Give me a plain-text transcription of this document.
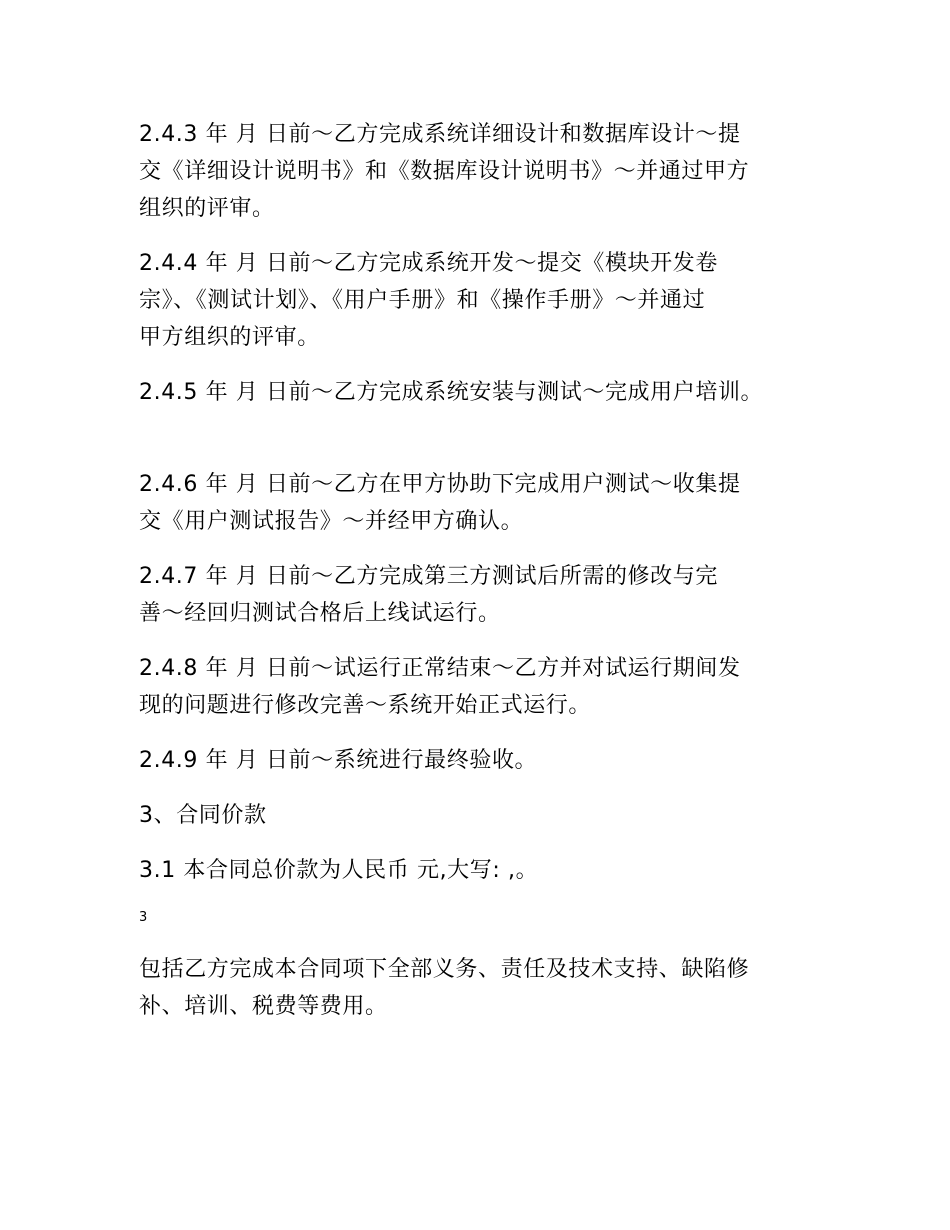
2.4.3 年 月 日前～乙方完成系统详细设计和数据库设计～提
交《详细设计说明书》和《数据库设计说明书》～并通过甲方
组织的评审。
2.4.4 年 月 日前～乙方完成系统开发～提交《模块开发卷
宗》、《测试计划》、《用户手册》和《操作手册》～并通过
甲方组织的评审。
2.4.5 年 月 日前～乙方完成系统安装与测试～完成用户培训。
2.4.6 年 月 日前～乙方在甲方协助下完成用户测试～收集提
交《用户测试报告》～并经甲方确认。
2.4.7 年 月 日前～乙方完成第三方测试后所需的修改与完
善～经回归测试合格后上线试运行。
2.4.8 年 月 日前～试运行正常结束～乙方并对试运行期间发
现的问题进行修改完善～系统开始正式运行。
2.4.9 年 月 日前～系统进行最终验收。
3、合同价款
3.1 本合同总价款为人民币 元,大写: ,。
3
包括乙方完成本合同项下全部义务、责任及技术支持、缺陷修
补、培训、税费等费用。
